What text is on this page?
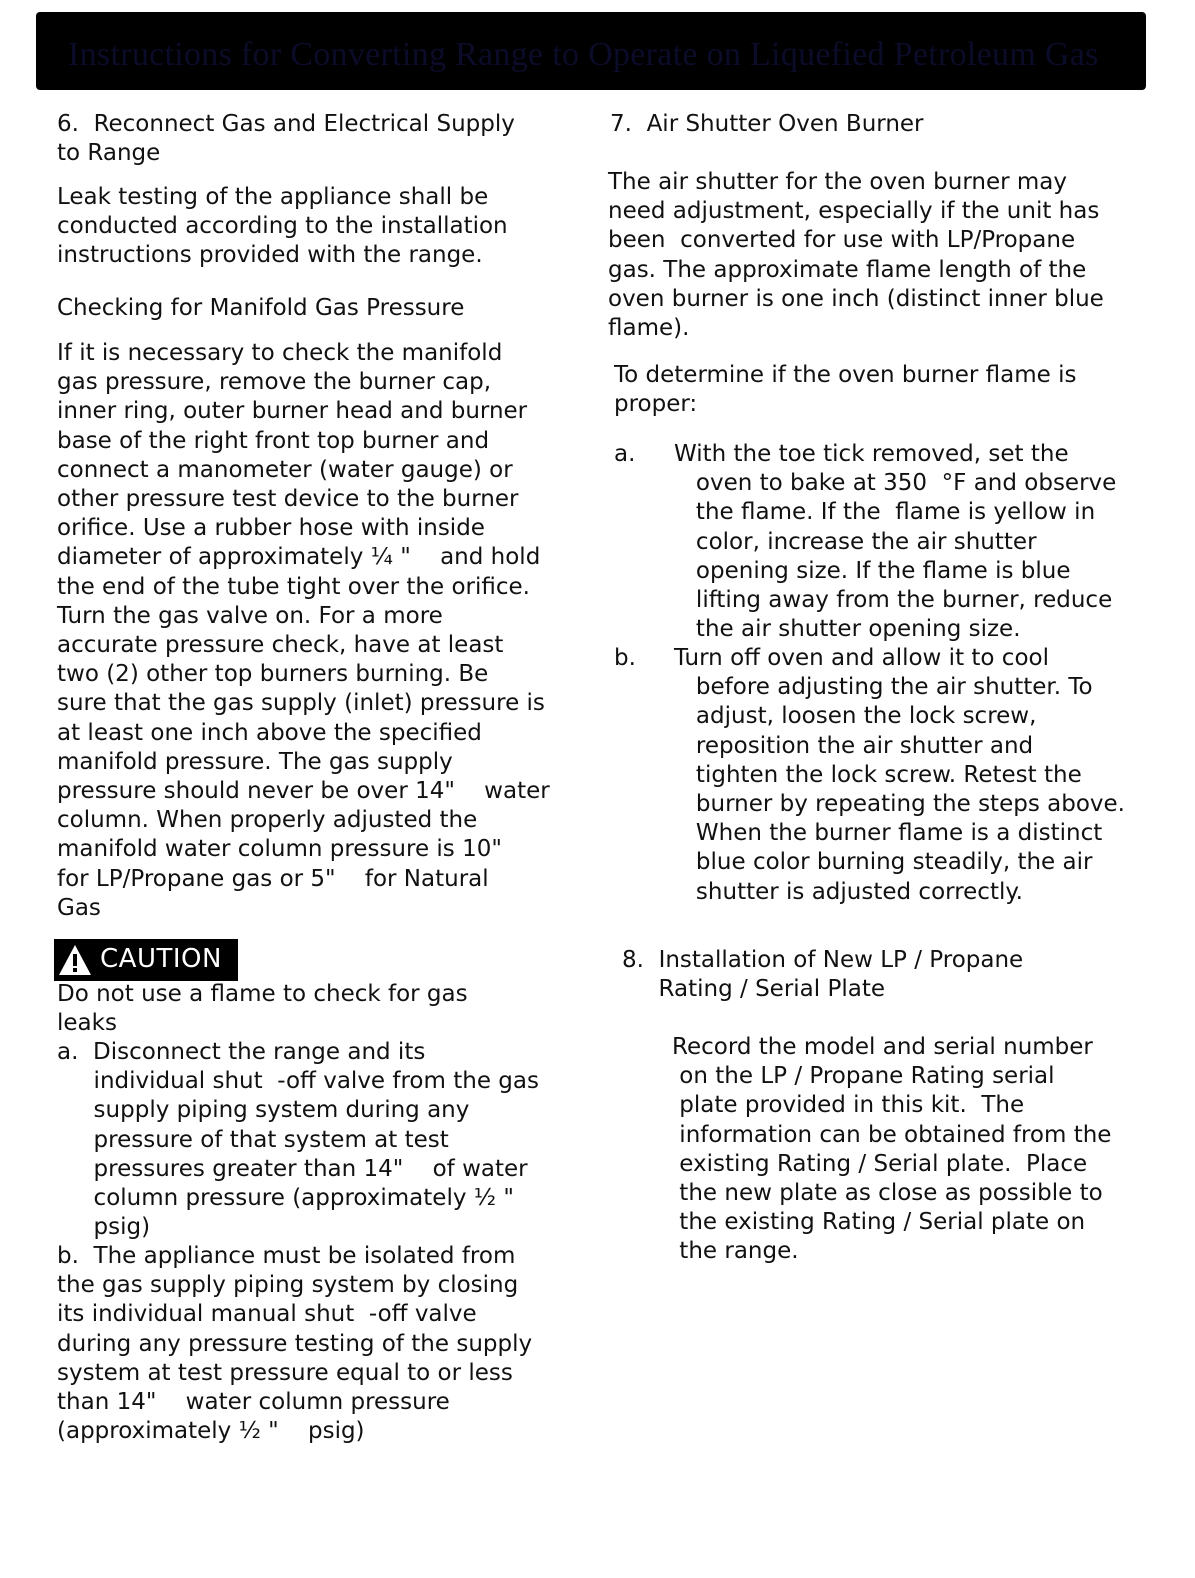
Instructions for Converting Range to Operate on Liquefied Petroleum Gas

6.  Reconnect Gas and Electrical Supply
to Range

Leak testing of the appliance shall be
conducted according to the installation
instructions provided with the range.

Checking for Manifold Gas Pressure

If it is necessary to check the manifold
gas pressure, remove the burner cap,
inner ring, outer burner head and burner
base of the right front top burner and
connect a manometer (water gauge) or
other pressure test device to the burner
orifice. Use a rubber hose with inside
diameter of approximately ¼ "    and hold
the end of the tube tight over the orifice.
Turn the gas valve on. For a more
accurate pressure check, have at least
two (2) other top burners burning. Be
sure that the gas supply (inlet) pressure is
at least one inch above the specified
manifold pressure. The gas supply
pressure should never be over 14"    water
column. When properly adjusted the
manifold water column pressure is 10"
for LP/Propane gas or 5"    for Natural
Gas

CAUTION

Do not use a flame to check for gas
leaks

a.  Disconnect the range and its
individual shut  -off valve from the gas
supply piping system during any
pressure of that system at test
pressures greater than 14"    of water
column pressure (approximately ½ "
psig)

b.  The appliance must be isolated from
the gas supply piping system by closing
its individual manual shut  -off valve
during any pressure testing of the supply
system at test pressure equal to or less
than 14"    water column pressure
(approximately ½ "    psig)

7.  Air Shutter Oven Burner

The air shutter for the oven burner may
need adjustment, especially if the unit has
been  converted for use with LP/Propane
gas. The approximate flame length of the
oven burner is one inch (distinct inner blue
flame).

To determine if the oven burner flame is
proper:

a. With the toe tick removed, set the
oven to bake at 350  °F and observe
the flame. If the  flame is yellow in
color, increase the air shutter
opening size. If the flame is blue
lifting away from the burner, reduce
the air shutter opening size.

b. Turn off oven and allow it to cool
before adjusting the air shutter. To
adjust, loosen the lock screw,
reposition the air shutter and
tighten the lock screw. Retest the
burner by repeating the steps above.
When the burner flame is a distinct
blue color burning steadily, the air
shutter is adjusted correctly.

8.  Installation of New LP / Propane
Rating / Serial Plate

Record the model and serial number
on the LP / Propane Rating serial
plate provided in this kit.  The
information can be obtained from the
existing Rating / Serial plate.  Place
the new plate as close as possible to
the existing Rating / Serial plate on
the range.
